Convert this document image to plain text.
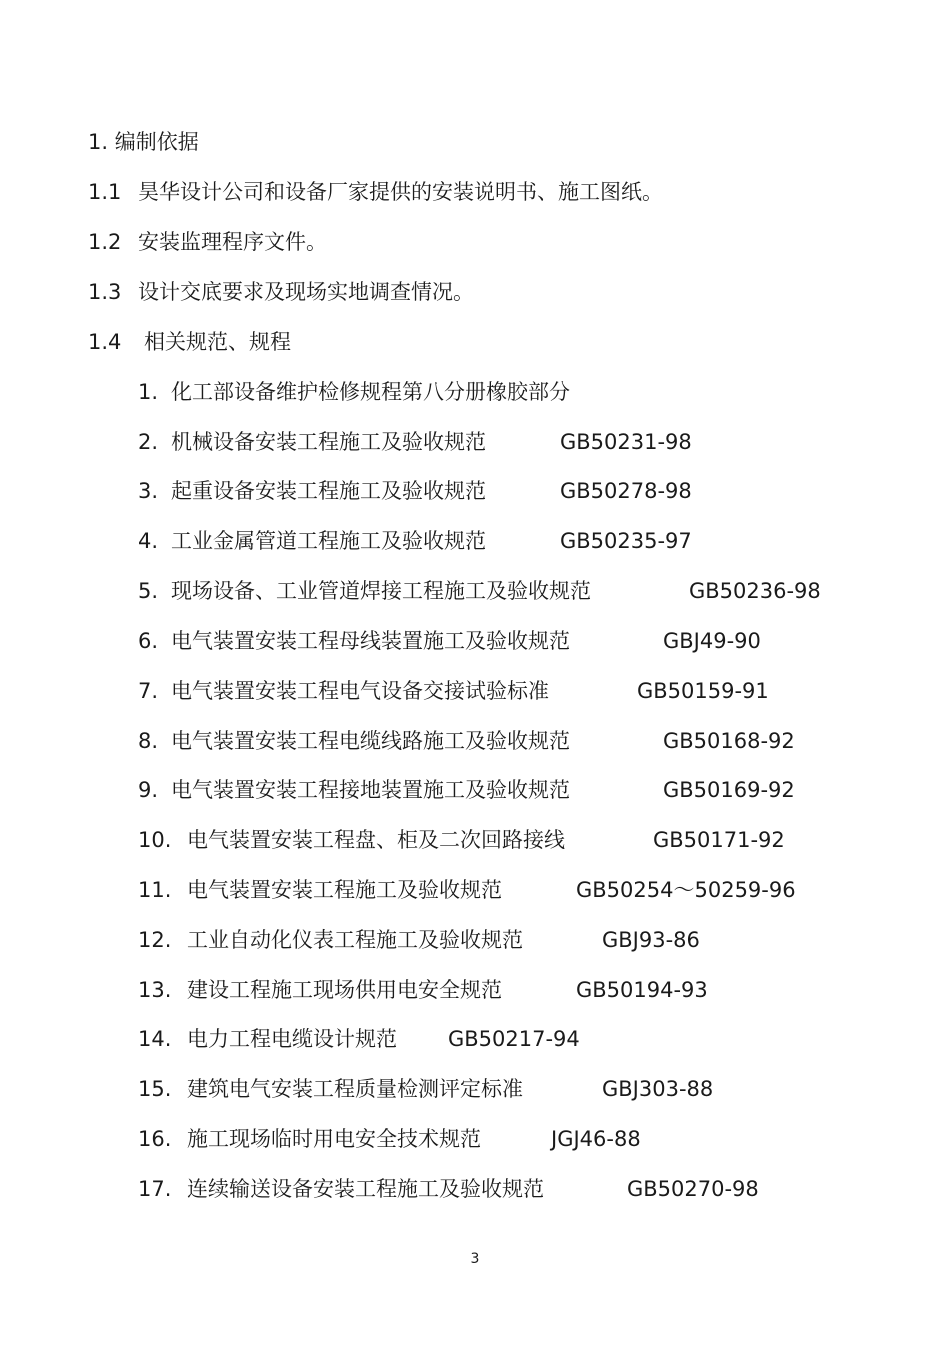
1. 编制依据
1.1 昊华设计公司和设备厂家提供的安装说明书、施工图纸。
1.2 安装监理程序文件。
1.3 设计交底要求及现场实地调查情况。
1.4 相关规范、规程
1. 化工部设备维护检修规程第八分册橡胶部分
2. 机械设备安装工程施工及验收规范	GB50231-98
3. 起重设备安装工程施工及验收规范	GB50278-98
4. 工业金属管道工程施工及验收规范	GB50235-97
5. 现场设备、工业管道焊接工程施工及验收规范	GB50236-98
6. 电气装置安装工程母线装置施工及验收规范	GBJ49-90
7. 电气装置安装工程电气设备交接试验标准	GB50159-91
8. 电气装置安装工程电缆线路施工及验收规范	GB50168-92
9. 电气装置安装工程接地装置施工及验收规范	GB50169-92
10. 电气装置安装工程盘、柜及二次回路接线	GB50171-92
11. 电气装置安装工程施工及验收规范	GB50254～50259-96
12. 工业自动化仪表工程施工及验收规范	GBJ93-86
13. 建设工程施工现场供用电安全规范	GB50194-93
14. 电力工程电缆设计规范 GB50217-94
15. 建筑电气安装工程质量检测评定标准	GBJ303-88
16. 施工现场临时用电安全技术规范	JGJ46-88
17. 连续输送设备安装工程施工及验收规范	GB50270-98
3
